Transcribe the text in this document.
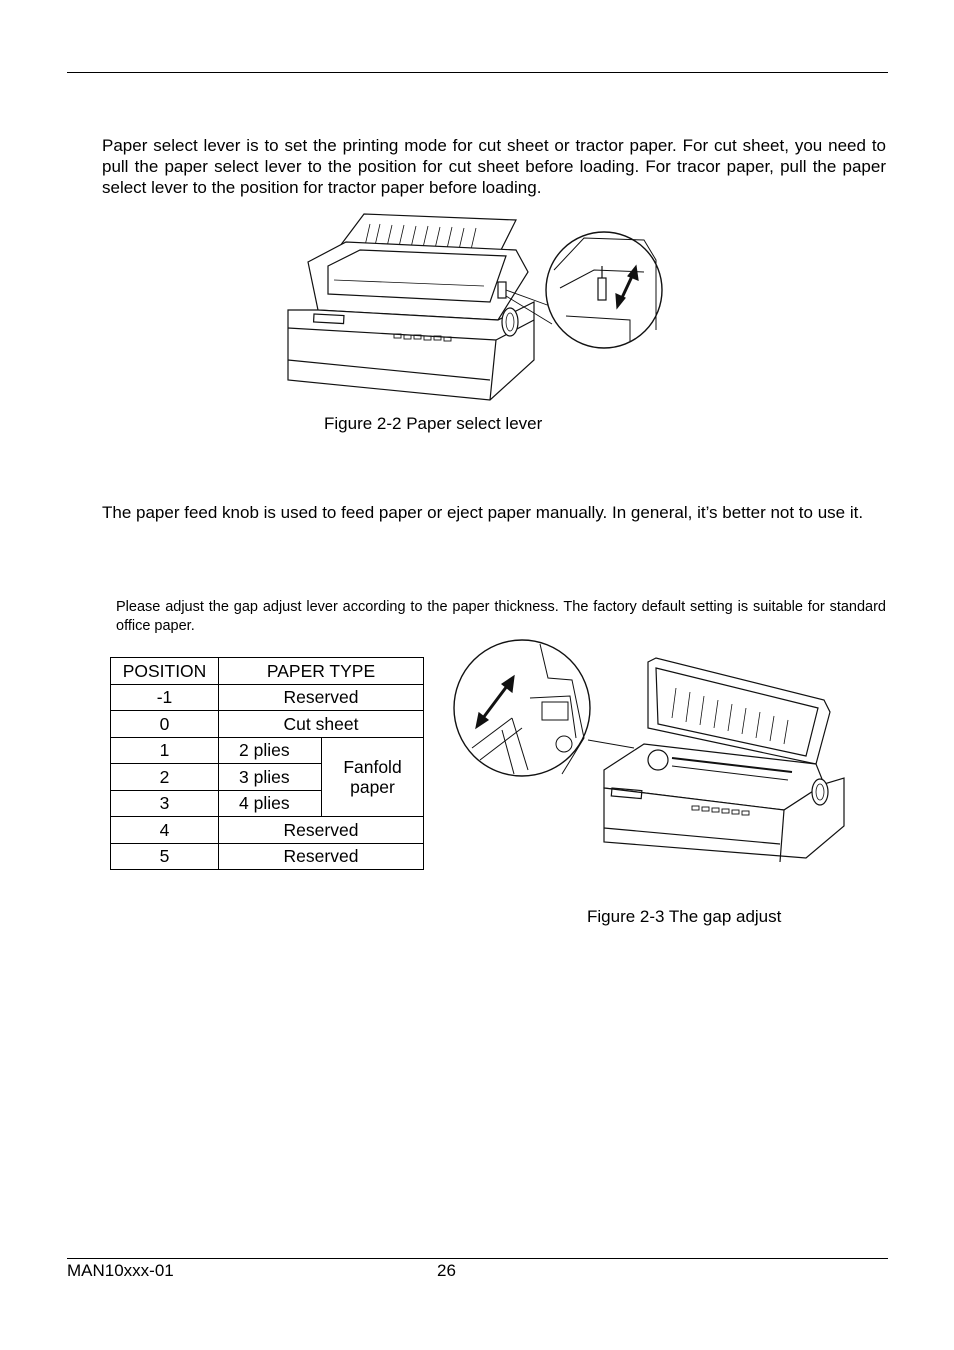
Paper select lever is to set the printing mode for cut sheet or tractor paper. For cut sheet, you need to pull the paper select lever to the position for cut sheet before loading. For tracor paper, pull the paper select lever to the position for tractor paper before loading.

Figure 2-2 Paper select lever

The paper feed knob is used to feed paper or eject paper manually. In general, it’s better not to use it.

Please adjust the gap adjust lever according to the paper thickness. The factory default setting is suitable for standard office paper.

POSITION	PAPER TYPE	
-1	Reserved	
0	Cut sheet	
1	2 plies	Fanfold
paper
2	3 plies	
3	4 plies	
4	Reserved	
5	Reserved	
Figure 2-3 The gap adjust
MAN10xxx-01	26
